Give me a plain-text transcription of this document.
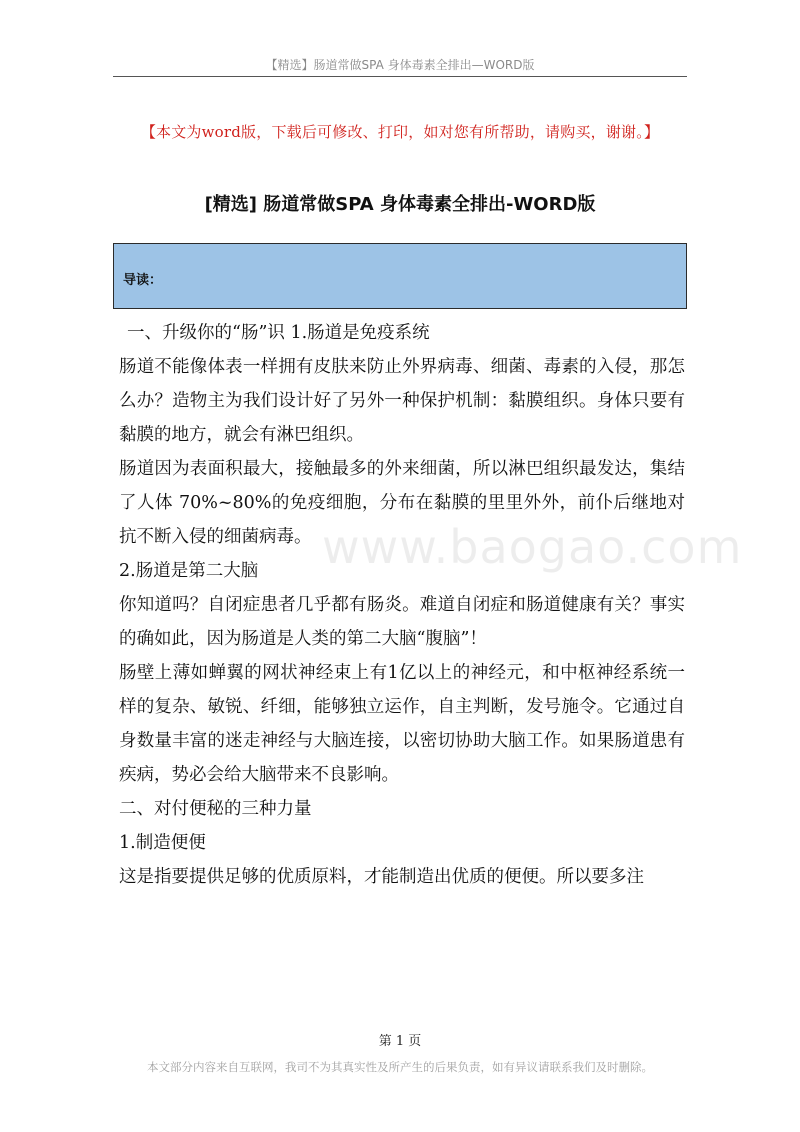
【精选】肠道常做SPA 身体毒素全排出—WORD版
【本文为word版，下载后可修改、打印，如对您有所帮助，请购买，谢谢。】
[精选] 肠道常做SPA 身体毒素全排出-WORD版
导读：
www.baogao.com

一、升级你的“肠”识 1.肠道是免疫系统

肠道不能像体表一样拥有皮肤来防止外界病毒、细菌、毒素的入侵，那怎么办？造物主为我们设计好了另外一种保护机制：黏膜组织。身体只要有黏膜的地方，就会有淋巴组织。

肠道因为表面积最大，接触最多的外来细菌，所以淋巴组织最发达，集结了人体 70%~80%的免疫细胞，分布在黏膜的里里外外，前仆后继地对抗不断入侵的细菌病毒。

2.肠道是第二大脑

你知道吗？自闭症患者几乎都有肠炎。难道自闭症和肠道健康有关？事实的确如此，因为肠道是人类的第二大脑“腹脑”！

肠壁上薄如蝉翼的网状神经束上有1亿以上的神经元，和中枢神经系统一样的复杂、敏锐、纤细，能够独立运作，自主判断，发号施令。它通过自身数量丰富的迷走神经与大脑连接，以密切协助大脑工作。如果肠道患有疾病，势必会给大脑带来不良影响。

二、对付便秘的三种力量

1.制造便便

这是指要提供足够的优质原料，才能制造出优质的便便。所以要多注

第 1 页
本文部分内容来自互联网，我司不为其真实性及所产生的后果负责，如有异议请联系我们及时删除。
